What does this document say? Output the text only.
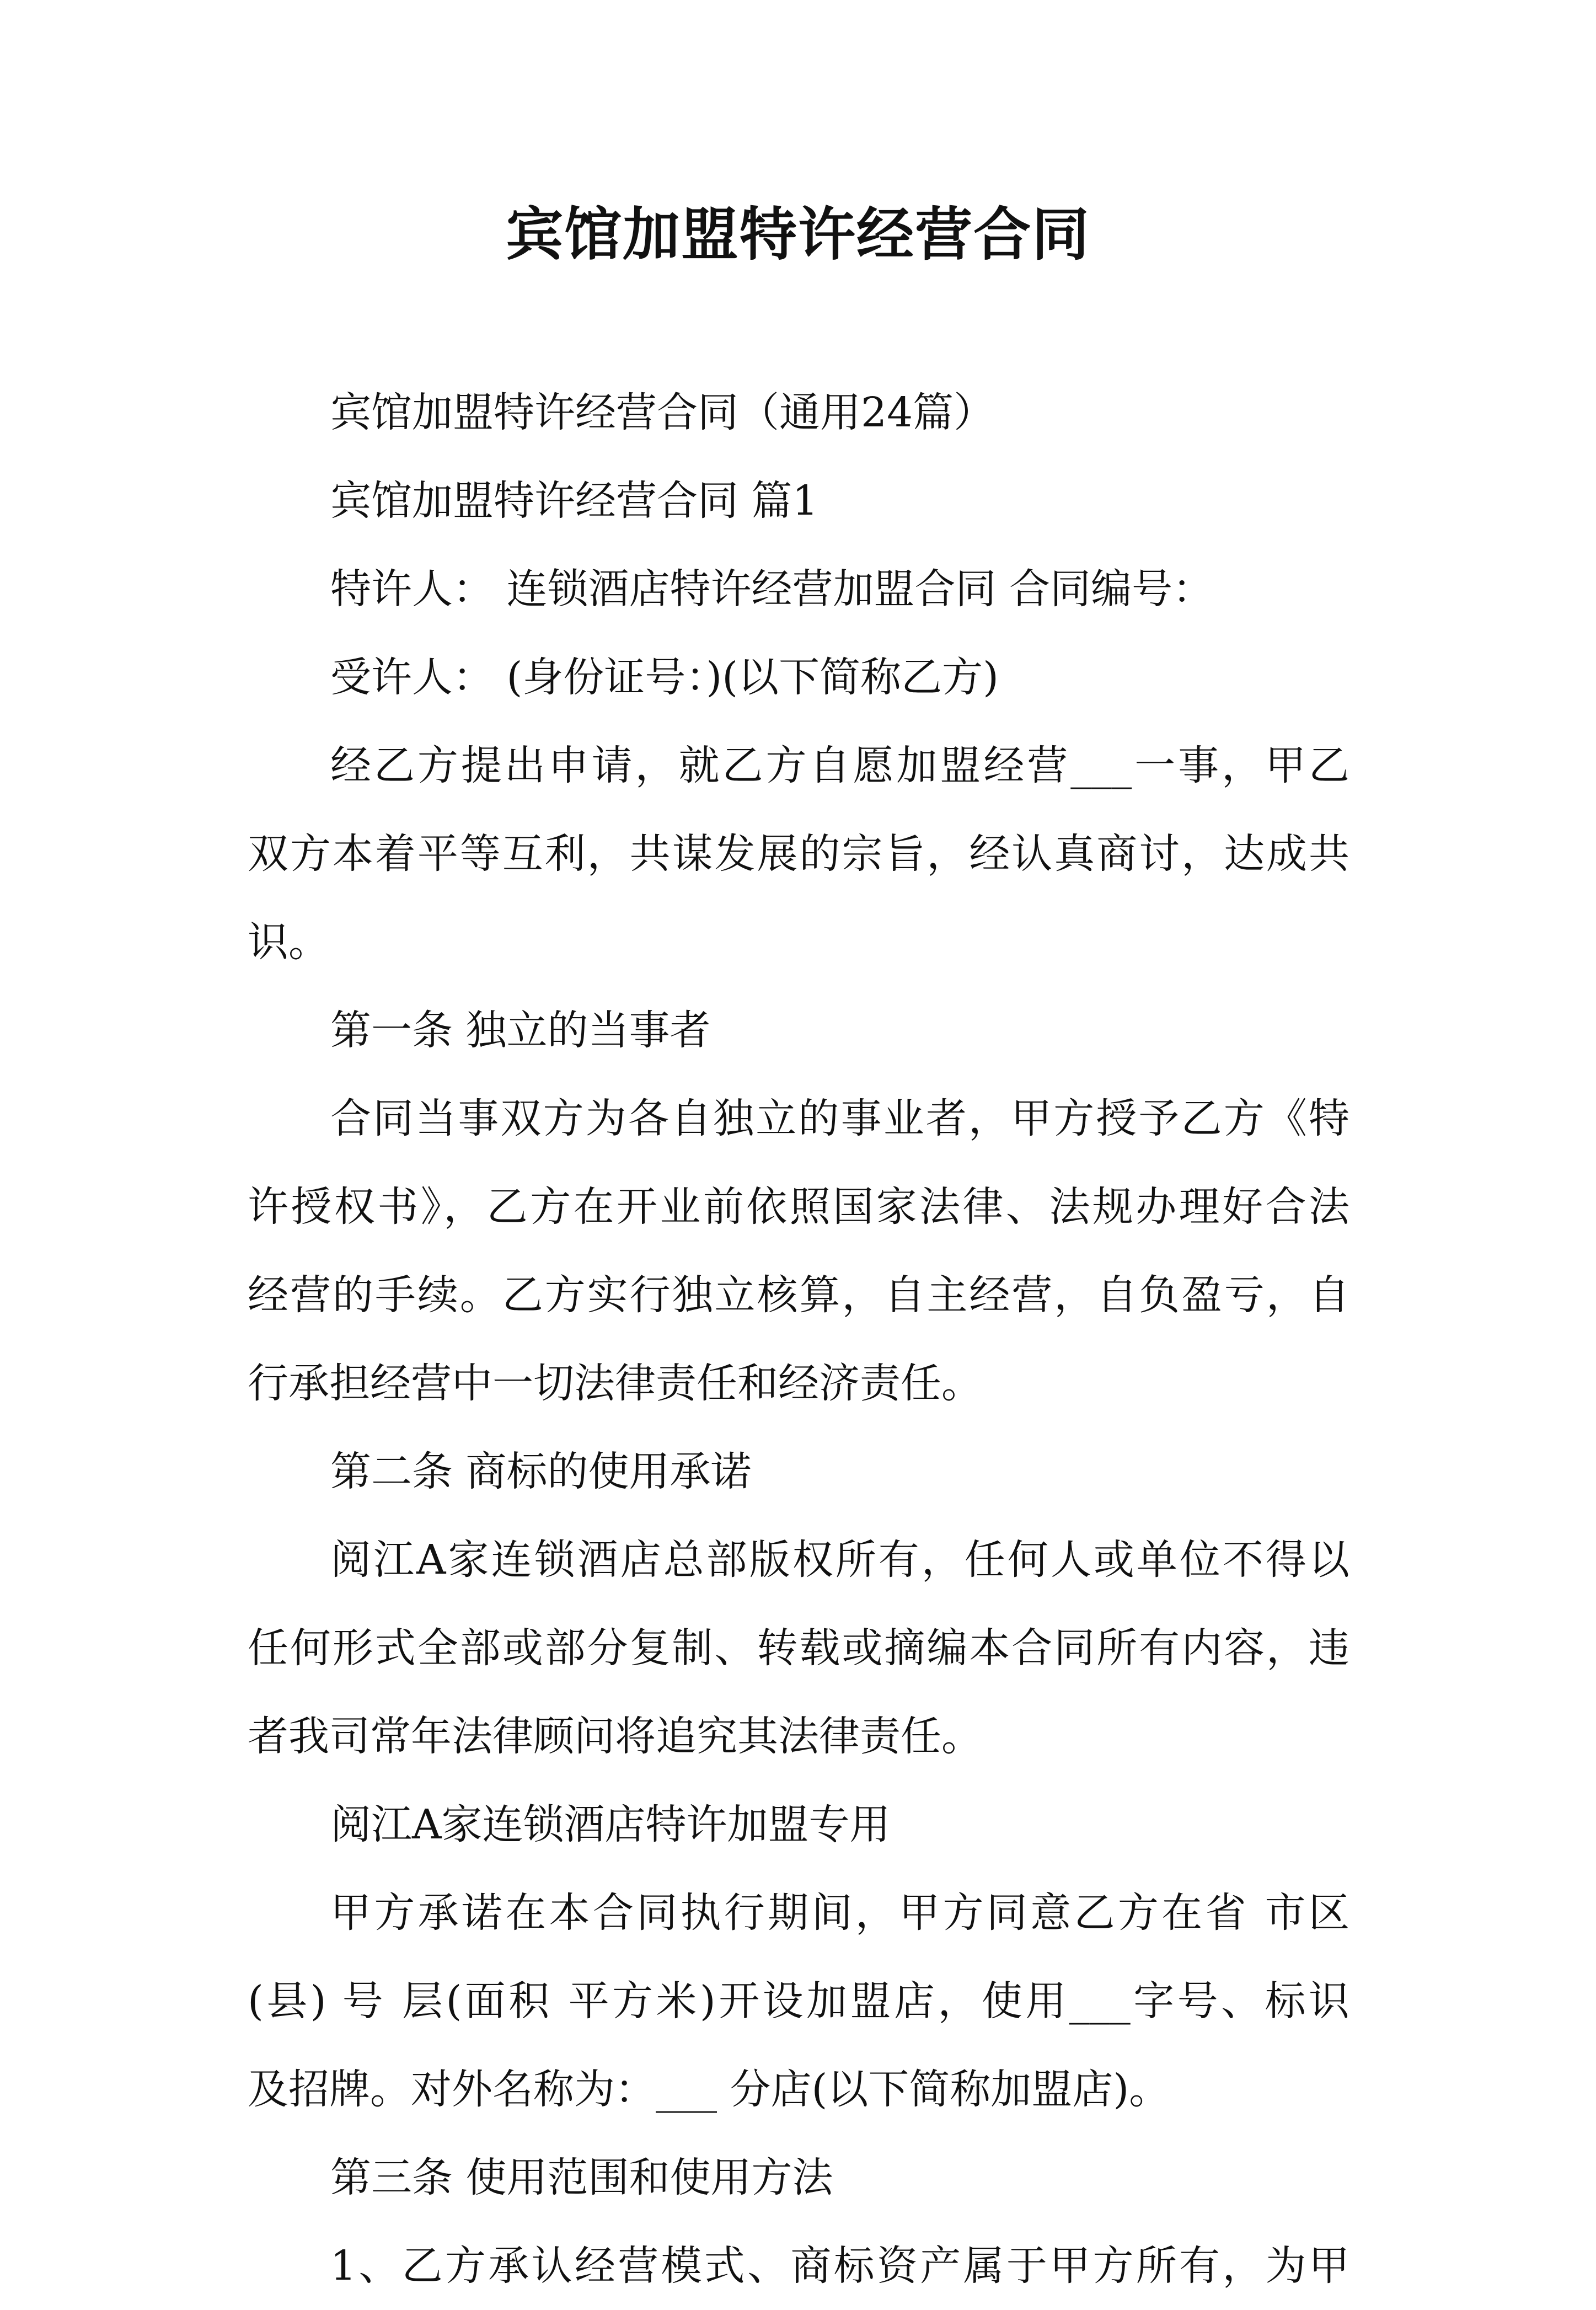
宾馆加盟特许经营合同
宾馆加盟特许经营合同（通用24篇）
宾馆加盟特许经营合同 篇1
特许人： 连锁酒店特许经营加盟合同 合同编号：
受许人： (身份证号：)(以下简称乙方)
经乙方提出申请，就乙方自愿加盟经营___一事，甲乙
双方本着平等互利，共谋发展的宗旨，经认真商讨，达成共
识。
第一条 独立的当事者
合同当事双方为各自独立的事业者，甲方授予乙方《特
许授权书》，乙方在开业前依照国家法律、法规办理好合法
经营的手续。乙方实行独立核算，自主经营，自负盈亏，自
行承担经营中一切法律责任和经济责任。
第二条 商标的使用承诺
阅江A家连锁酒店总部版权所有，任何人或单位不得以
任何形式全部或部分复制、转载或摘编本合同所有内容，违
者我司常年法律顾问将追究其法律责任。
阅江A家连锁酒店特许加盟专用
甲方承诺在本合同执行期间，甲方同意乙方在省 市区
(县) 号 层(面积 平方米)开设加盟店，使用___字号、标识
及招牌。对外名称为：___ 分店(以下简称加盟店)。
第三条 使用范围和使用方法
1、乙方承认经营模式、商标资产属于甲方所有，为甲
